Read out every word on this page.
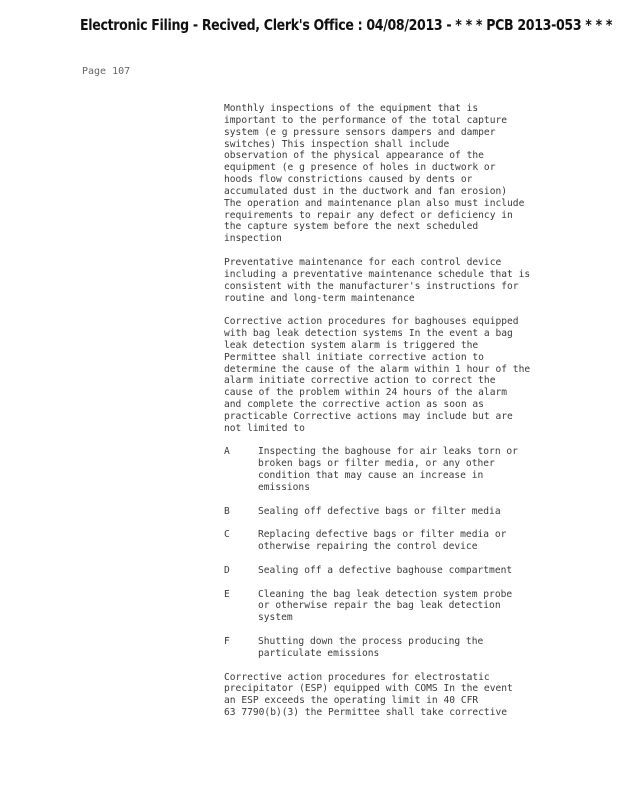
Electronic Filing - Recived, Clerk's Office : 04/08/2013 - * * * PCB 2013-053 * * *
Page 107

Monthly inspections of the equipment that is
important to the performance of the total capture
system (e g pressure sensors dampers and damper
switches) This inspection shall include
observation of the physical appearance of the
equipment (e g presence of holes in ductwork or
hoods flow constrictions caused by dents or
accumulated dust in the ductwork and fan erosion)
The operation and maintenance plan also must include
requirements to repair any defect or deficiency in
the capture system before the next scheduled
inspection

Preventative maintenance for each control device
including a preventative maintenance schedule that is
consistent with the manufacturer's instructions for
routine and long-term maintenance

Corrective action procedures for baghouses equipped
with bag leak detection systems In the event a bag
leak detection system alarm is triggered the
Permittee shall initiate corrective action to
determine the cause of the alarm within 1 hour of the
alarm initiate corrective action to correct the
cause of the problem within 24 hours of the alarm
and complete the corrective action as soon as
practicable Corrective actions may include but are
not limited to

A	Inspecting the baghouse for air leaks torn or
broken bags or filter media, or any other
condition that may cause an increase in
emissions
B	Sealing off defective bags or filter media
C	Replacing defective bags or filter media or
otherwise repairing the control device
D	Sealing off a defective baghouse compartment
E	Cleaning the bag leak detection system probe
or otherwise repair the bag leak detection
system
F	Shutting down the process producing the
particulate emissions

Corrective action procedures for electrostatic
precipitator (ESP) equipped with COMS In the event
an ESP exceeds the operating limit in 40 CFR
63 7790(b)(3) the Permittee shall take corrective
